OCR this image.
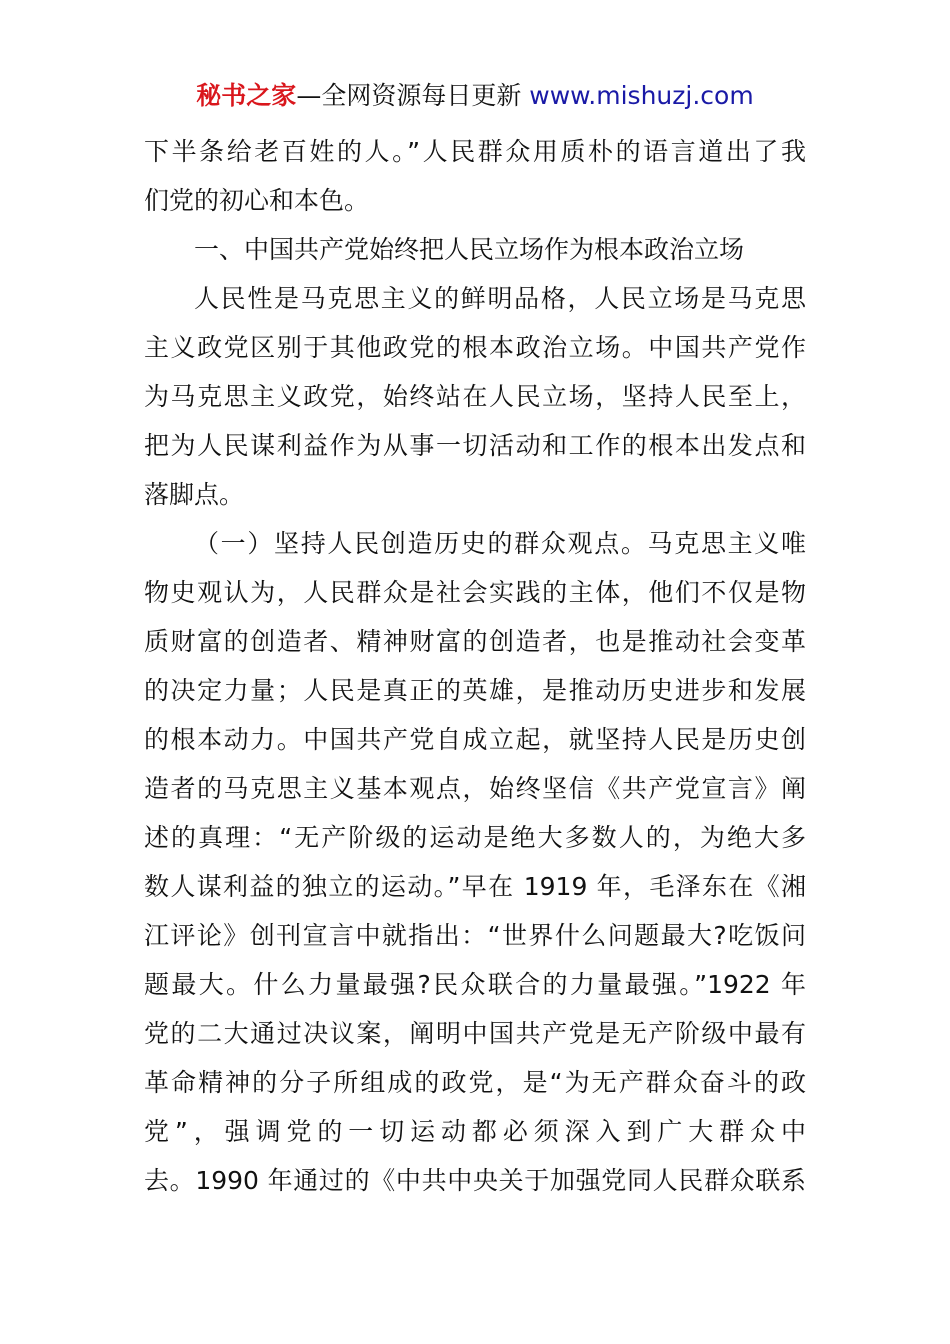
秘书之家—全网资源每日更新 www.mishuzj.com
下半条给老百姓的人。”人民群众用质朴的语言道出了我
们党的初心和本色。
一、中国共产党始终把人民立场作为根本政治立场
人民性是马克思主义的鲜明品格，人民立场是马克思
主义政党区别于其他政党的根本政治立场。中国共产党作
为马克思主义政党，始终站在人民立场，坚持人民至上，
把为人民谋利益作为从事一切活动和工作的根本出发点和
落脚点。
（一）坚持人民创造历史的群众观点。马克思主义唯
物史观认为，人民群众是社会实践的主体，他们不仅是物
质财富的创造者、精神财富的创造者，也是推动社会变革
的决定力量；人民是真正的英雄，是推动历史进步和发展
的根本动力。中国共产党自成立起，就坚持人民是历史创
造者的马克思主义基本观点，始终坚信《共产党宣言》阐
述的真理：“无产阶级的运动是绝大多数人的，为绝大多
数人谋利益的独立的运动。”早在 1919 年，毛泽东在《湘
江评论》创刊宣言中就指出：“世界什么问题最大?吃饭问
题最大。什么力量最强?民众联合的力量最强。”1922 年
党的二大通过决议案，阐明中国共产党是无产阶级中最有
革命精神的分子所组成的政党，是“为无产群众奋斗的政
党”，强调党的一切运动都必须深入到广大群众中
去。1990 年通过的《中共中央关于加强党同人民群众联系
